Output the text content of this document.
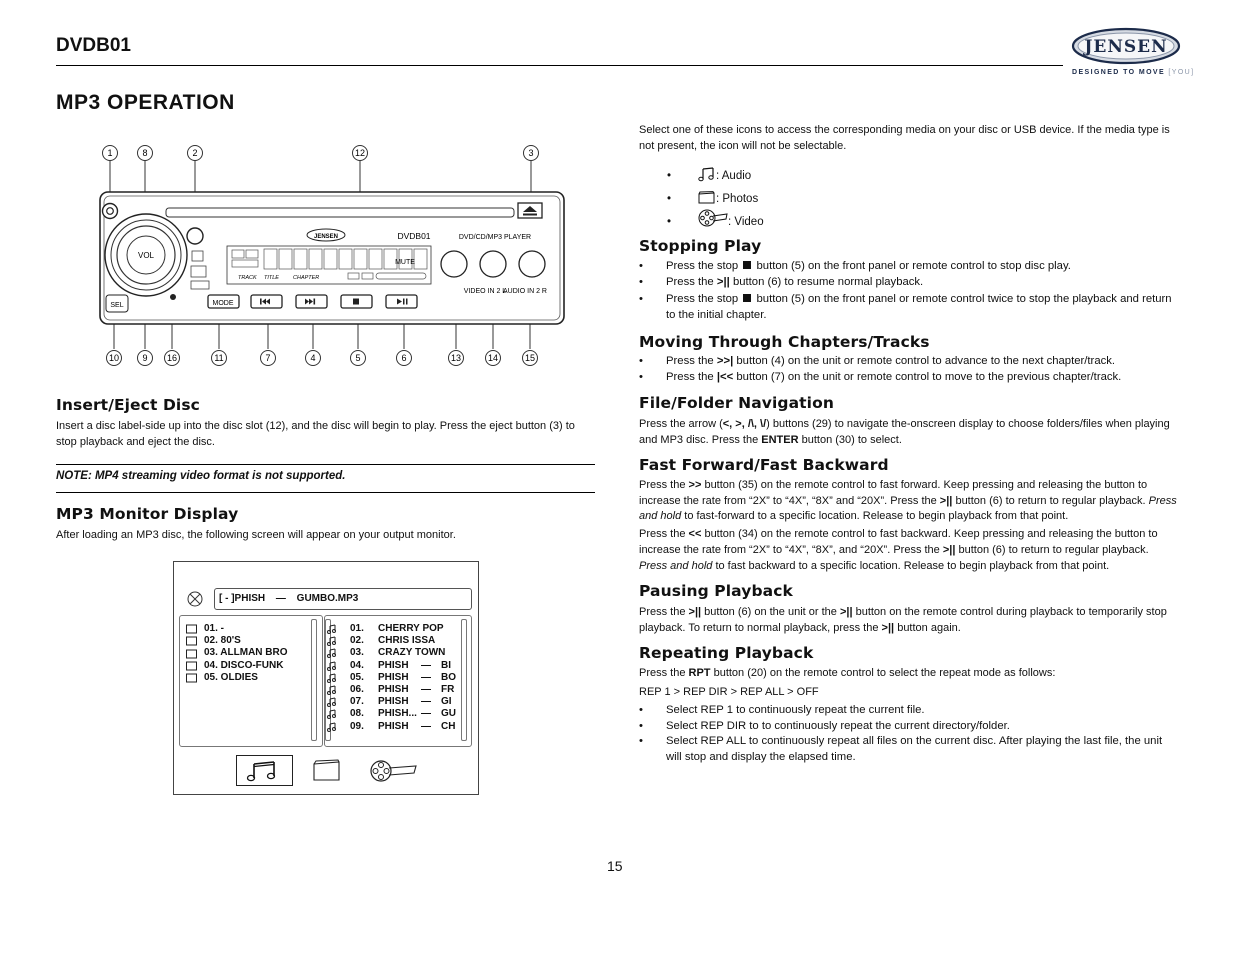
DVDB01	JENSEN
DESIGNED TO MOVE [YOU]
MP3 OPERATION
VOL
SEL
TRACK TITLE	CHAPTER
JENSEN	DVDB01	DVD/CD/MP3 PLAYER
MUTE
VIDEO IN 2 L
AUDIO IN 2 R
MODE
1	8	2	12	3
10	9 16	11	7	4	5	6	13	14	15
Insert/Eject Disc

Insert a disc label-side up into the disc slot (12), and the disc will begin to play. Press the eject button (3) to stop playback and eject the disc.

NOTE: MP4 streaming video format is not supported.
MP3 Monitor Display

After loading an MP3 disc, the following screen will appear on your output monitor.

[ - ]PHISH — GUMBO.MP3
01. -
02. 80'S
03. ALLMAN BRO
04. DISCO-FUNK
05. OLDIES
01. CHERRY POP
02. CHRIS ISSA
03. CRAZY TOWN
04. PHISH — BI
05. PHISH — BO
06. PHISH — FR
07. PHISH — GI
08. PHISH... — GU
09. PHISH — CH

Select one of these icons to access the corresponding media on your disc or USB device. If the media type is not present, the icon will not be selectable.

•	: Audio
•	: Photos
•	: Video
Stopping Play
• Press the stop button (5) on the front panel or remote control to stop disc play.
• Press the >|| button (6) to resume normal playback.
• Press the stop button (5) on the front panel or remote control twice to stop the playback and return to the initial chapter.
Moving Through Chapters/Tracks
• Press the >>| button (4) on the unit or remote control to advance to the next chapter/track.
• Press the |<< button (7) on the unit or remote control to move to the previous chapter/track.
File/Folder Navigation

Press the arrow (<, >, /\, \/) buttons (29) to navigate the-onscreen display to choose folders/files when playing and MP3 disc. Press the ENTER button (30) to select.

Fast Forward/Fast Backward

Press the >> button (35) on the remote control to fast forward. Keep pressing and releasing the button to increase the rate from “2X” to “4X”, “8X” and “20X”. Press the >|| button (6) to return to regular playback. Press and hold to fast-forward to a specific location. Release to begin playback from that point.

Press the << button (34) on the remote control to fast backward. Keep pressing and releasing the button to increase the rate from “2X” to “4X”, “8X”, and “20X”. Press the >|| button (6) to return to regular playback. Press and hold to fast backward to a specific location. Release to begin playback from that point.

Pausing Playback

Press the >|| button (6) on the unit or the >|| button on the remote control during playback to temporarily stop playback. To return to normal playback, press the >|| button again.

Repeating Playback

Press the RPT button (20) on the remote control to select the repeat mode as follows:

REP 1 > REP DIR > REP ALL > OFF

• Select REP 1 to continuously repeat the current file.
• Select REP DIR to to continuously repeat the current directory/folder.
• Select REP ALL to continuously repeat all files on the current disc. After playing the last file, the unit will stop and display the elapsed time.
15
